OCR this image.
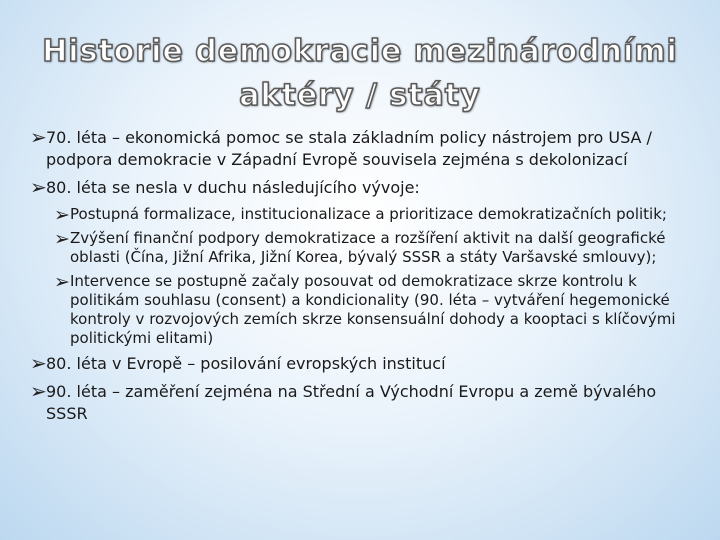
Historie demokracie mezinárodními aktéry / státy
➢ 70. léta – ekonomická pomoc se stala základním policy nástrojem pro USA / podpora demokracie v Západní Evropě souvisela zejména s dekolonizací
➢ 80. léta se nesla v duchu následujícího vývoje:
➢ Postupná formalizace, institucionalizace a prioritizace demokratizačních politik;
➢ Zvýšení finanční podpory demokratizace a rozšíření aktivit na další geografické oblasti (Čína, Jižní Afrika, Jižní Korea, bývalý SSSR a státy Varšavské smlouvy);
➢ Intervence se postupně začaly posouvat od demokratizace skrze kontrolu k politikám souhlasu (consent) a kondicionality (90. léta – vytváření hegemonické kontroly v rozvojových zemích skrze konsensuální dohody a kooptaci s klíčovými politickými elitami)
➢ 80. léta v Evropě – posilování evropských institucí
➢ 90. léta – zaměření zejména na Střední a Východní Evropu a země bývalého SSSR
